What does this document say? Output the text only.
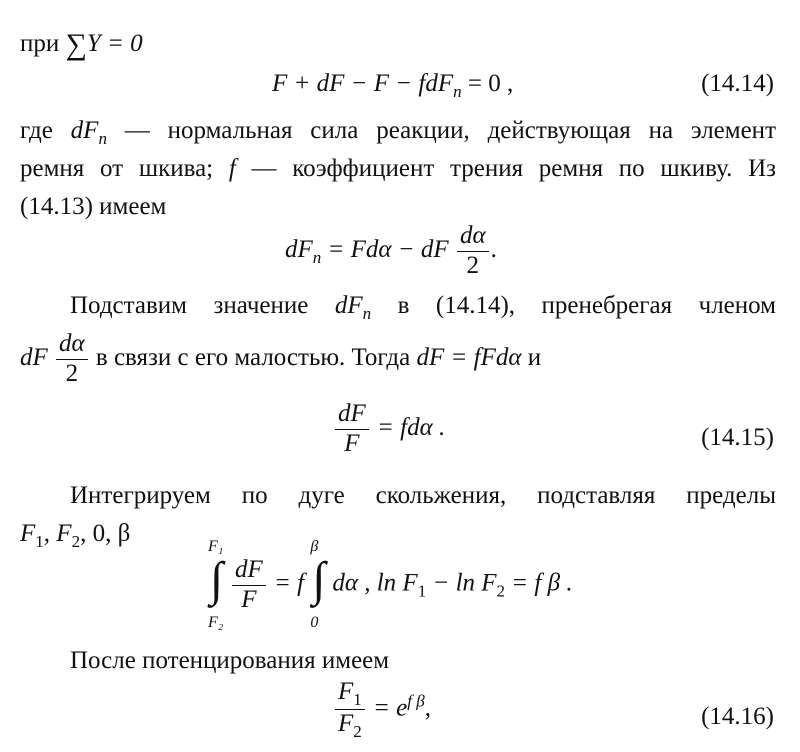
при ∑Y = 0
F + dF − F − fdF$_n$ = 0 ,	(14.14)
где $dF_n$ — нормальная сила реакции, действующая на элемент
ремня от шкива; f — коэффициент трения ремня по шкиву. Из
(14.13) имеем
$dF_n = Fd\alpha$ − dF $\frac{d\alpha}{2}$ .
Подставим значение $dF_n$ в (14.14), пренебрегая членом
dF $\frac{d\alpha}{2}$ в связи с его малостью. Тогда dF = fFdα и
$\frac{dF}{F} = fd\alpha$ .	(14.15)
Интегрируем по дуге скольжения, подставляя пределы
$F_1$, $F_2$, 0, β
∫
F₁
F₂
$\frac{dF}{F} = f$ ∫
β
0
dα , $\ln F_1 - \ln F_2 = f$ β .
После потенцирования имеем
$\frac{F_1}{F_2} = e^{f \beta}$,	(14.16)
